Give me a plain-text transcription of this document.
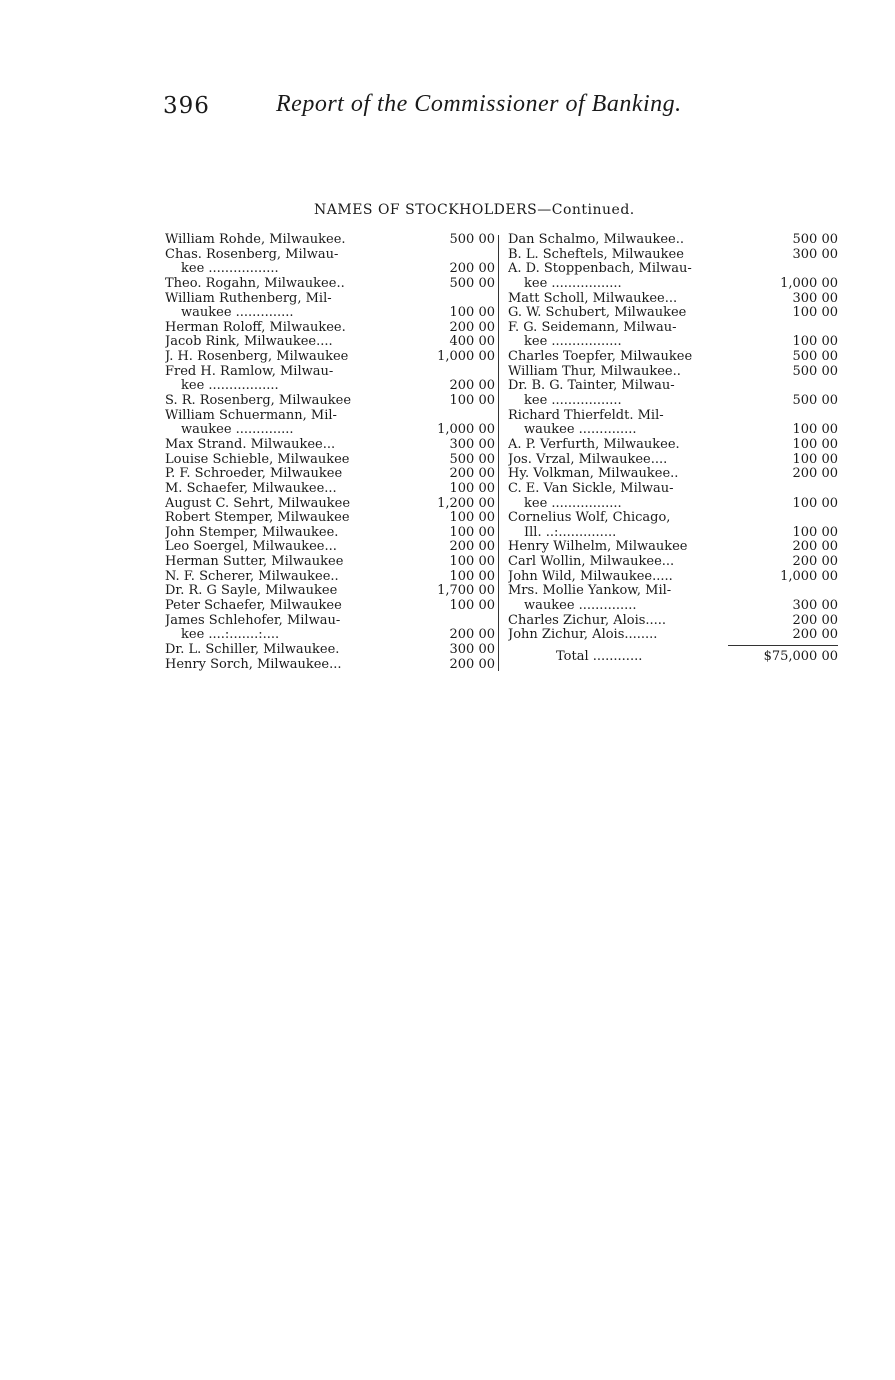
396	Report of the Commissioner of Banking.
NAMES OF STOCKHOLDERS—Continued.
William Rohde, Milwaukee.	500 00
Chas. Rosenberg, Milwau-
kee .................	200 00
Theo. Rogahn, Milwaukee..	500 00
William Ruthenberg, Mil-
waukee ..............	100 00
Herman Roloff, Milwaukee.	200 00
Jacob Rink, Milwaukee....	400 00
J. H. Rosenberg, Milwaukee	1,000 00
Fred H. Ramlow, Milwau-
kee .................	200 00
S. R. Rosenberg, Milwaukee	100 00
William Schuermann, Mil-
waukee ..............	1,000 00
Max Strand. Milwaukee...	300 00
Louise Schieble, Milwaukee	500 00
P. F. Schroeder, Milwaukee	200 00
M. Schaefer, Milwaukee...	100 00
August C. Sehrt, Milwaukee	1,200 00
Robert Stemper, Milwaukee	100 00
John Stemper, Milwaukee.	100 00
Leo Soergel, Milwaukee...	200 00
Herman Sutter, Milwaukee	100 00
N. F. Scherer, Milwaukee..	100 00
Dr. R. G Sayle, Milwaukee	1,700 00
Peter Schaefer, Milwaukee	100 00
James Schlehofer, Milwau-
kee ....:.......:....	200 00
Dr. L. Schiller, Milwaukee.	300 00
Henry Sorch, Milwaukee...	200 00
Dan Schalmo, Milwaukee..	500 00
B. L. Scheftels, Milwaukee	300 00
A. D. Stoppenbach, Milwau-
kee .................	1,000 00
Matt Scholl, Milwaukee...	300 00
G. W. Schubert, Milwaukee	100 00
F. G. Seidemann, Milwau-
kee .................	100 00
Charles Toepfer, Milwaukee	500 00
William Thur, Milwaukee..	500 00
Dr. B. G. Tainter, Milwau-
kee .................	500 00
Richard Thierfeldt. Mil-
waukee ..............	100 00
A. P. Verfurth, Milwaukee.	100 00
Jos. Vrzal, Milwaukee....	100 00
Hy. Volkman, Milwaukee..	200 00
C. E. Van Sickle, Milwau-
kee .................	100 00
Cornelius Wolf, Chicago,
Ill. ..:..............	100 00
Henry Wilhelm, Milwaukee	200 00
Carl Wollin, Milwaukee...	200 00
John Wild, Milwaukee.....	1,000 00
Mrs. Mollie Yankow, Mil-
waukee ..............	300 00
Charles Zichur, Alois.....	200 00
John Zichur, Alois........	200 00
Total ............	$75,000 00
